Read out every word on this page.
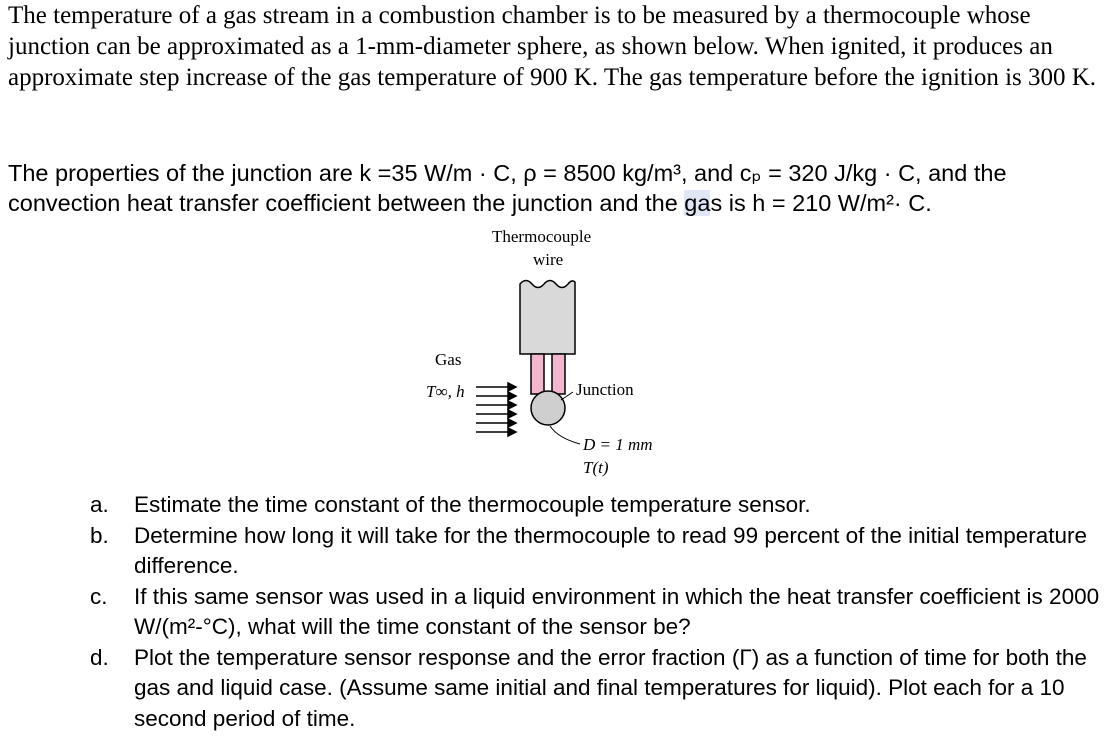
The temperature of a gas stream in a combustion chamber is to be measured by a thermocouple whose junction can be approximated as a 1-mm-diameter sphere, as shown below. When ignited, it produces an approximate step increase of the gas temperature of 900 K. The gas temperature before the ignition is 300 K.

The properties of the junction are k =35 W/m · C, ρ = 8500 kg/m³, and cₚ = 320 J/kg · C, and the convection heat transfer coefficient between the junction and the gas is h = 210 W/m²· C.

Thermocouple
wire
Gas
T∞, h	Junction
D = 1 mm
T(t)
a. Estimate the time constant of the thermocouple temperature sensor.
b. Determine how long it will take for the thermocouple to read 99 percent of the initial temperature difference.
c. If this same sensor was used in a liquid environment in which the heat transfer coefficient is 2000 W/(m²-°C), what will the time constant of the sensor be?
d. Plot the temperature sensor response and the error fraction (Γ) as a function of time for both the gas and liquid case. (Assume same initial and final temperatures for liquid). Plot each for a 10 second period of time.
